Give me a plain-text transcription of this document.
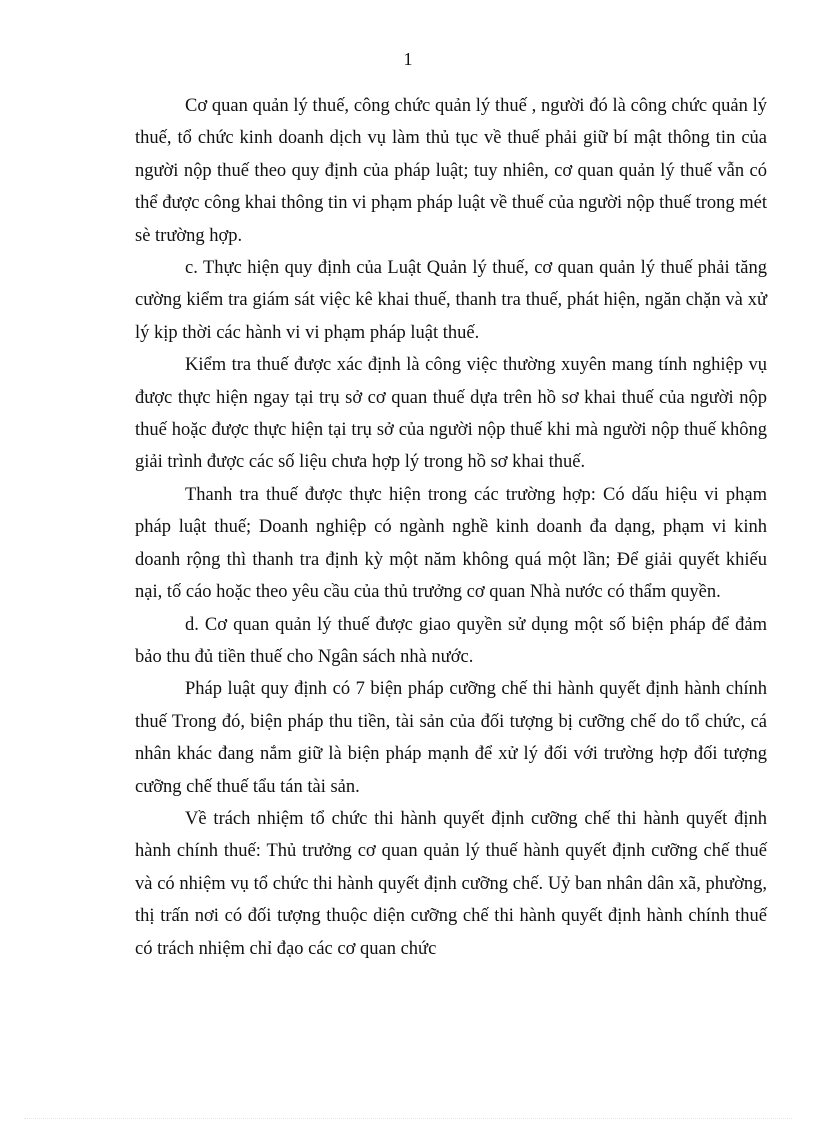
1

Cơ quan quản lý thuế, công chức quản lý thuế , người đó là công chức quản lý thuế, tổ chức kinh doanh dịch vụ làm thủ tục về thuế phải giữ bí mật thông tin của người nộp thuế theo quy định của pháp luật; tuy nhiên, cơ quan quản lý thuế vẫn có thể được công khai thông tin vi phạm pháp luật về thuế của người nộp thuế trong mét sè trường hợp.

c. Thực hiện quy định của Luật Quản lý thuế, cơ quan quản lý thuế phải tăng cường kiểm tra giám sát việc kê khai thuế, thanh tra thuế, phát hiện, ngăn chặn và xử lý kịp thời các hành vi vi phạm pháp luật thuế.

Kiểm tra thuế được xác định là công việc thường xuyên mang tính nghiệp vụ được thực hiện ngay tại trụ sở cơ quan thuế dựa trên hồ sơ khai thuế của người nộp thuế hoặc được thực hiện tại trụ sở của người nộp thuế khi mà người nộp thuế không giải trình được các số liệu chưa hợp lý trong hồ sơ khai thuế.

Thanh tra thuế được thực hiện trong các trường hợp: Có dấu hiệu vi phạm pháp luật thuế; Doanh nghiệp có ngành nghề kinh doanh đa dạng, phạm vi kinh doanh rộng thì thanh tra định kỳ một năm không quá một lần; Để giải quyết khiếu nại, tố cáo hoặc theo yêu cầu của thủ trưởng cơ quan Nhà nước có thẩm quyền.

d. Cơ quan quản lý thuế được giao quyền sử dụng một số biện pháp để đảm bảo thu đủ tiền thuế cho Ngân sách nhà nước.

Pháp luật quy định có 7 biện pháp cưỡng chế thi hành quyết định hành chính thuế Trong đó, biện pháp thu tiền, tài sản của đối tượng bị cưỡng chế do tổ chức, cá nhân khác đang nắm giữ là biện pháp mạnh để xử lý đối với trường hợp đối tượng cưỡng chế thuế tẩu tán tài sản.

Về trách nhiệm tổ chức thi hành quyết định cưỡng chế thi hành quyết định hành chính thuế: Thủ trưởng cơ quan quản lý thuế hành quyết định cưỡng chế thuế và có nhiệm vụ tổ chức thi hành quyết định cưỡng chế. Uỷ ban nhân dân xã, phường, thị trấn nơi có đối tượng thuộc diện cưỡng chế thi hành quyết định hành chính thuế có trách nhiệm chỉ đạo các cơ quan chức
